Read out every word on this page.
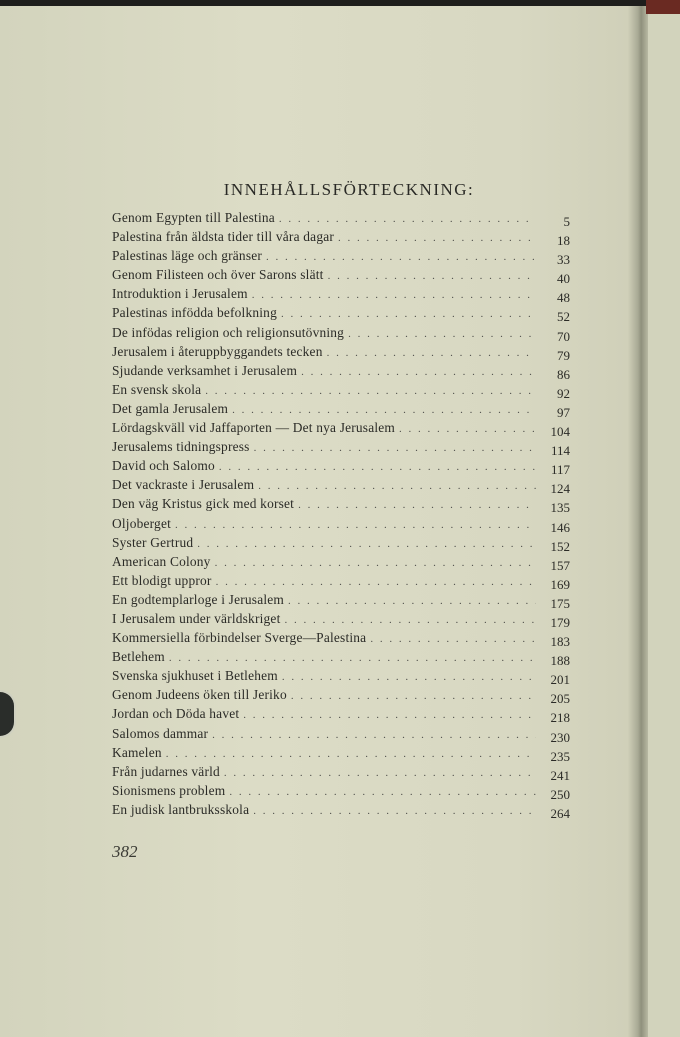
INNEHÅLLSFÖRTECKNING:
Genom Egypten till Palestina . . .	5
Palestina från äldsta tider till våra dagar . . .	18
Palestinas läge och gränser . . .	33
Genom Filisteen och över Sarons slätt . . .	40
Introduktion i Jerusalem . . .	48
Palestinas infödda befolkning . . .	52
De infödas religion och religionsutövning . . .	70
Jerusalem i återuppbyggandets tecken . . .	79
Sjudande verksamhet i Jerusalem . . .	86
En svensk skola . . .	92
Det gamla Jerusalem . . .	97
Lördagskväll vid Jaffaporten — Det nya Jerusalem . . .	104
Jerusalems tidningspress . . .	114
David och Salomo . . .	117
Det vackraste i Jerusalem . . .	124
Den väg Kristus gick med korset . . .	135
Oljoberget . . .	146
Syster Gertrud . . .	152
American Colony . . .	157
Ett blodigt uppror . . .	169
En godtemplarloge i Jerusalem . . .	175
I Jerusalem under världskriget . . .	179
Kommersiella förbindelser Sverge—Palestina . . .	183
Betlehem . . .	188
Svenska sjukhuset i Betlehem . . .	201
Genom Judeens öken till Jeriko . . .	205
Jordan och Döda havet . . .	218
Salomos dammar . . .	230
Kamelen . . .	235
Från judarnes värld . . .	241
Sionismens problem . . .	250
En judisk lantbruksskola . . .	264
382
